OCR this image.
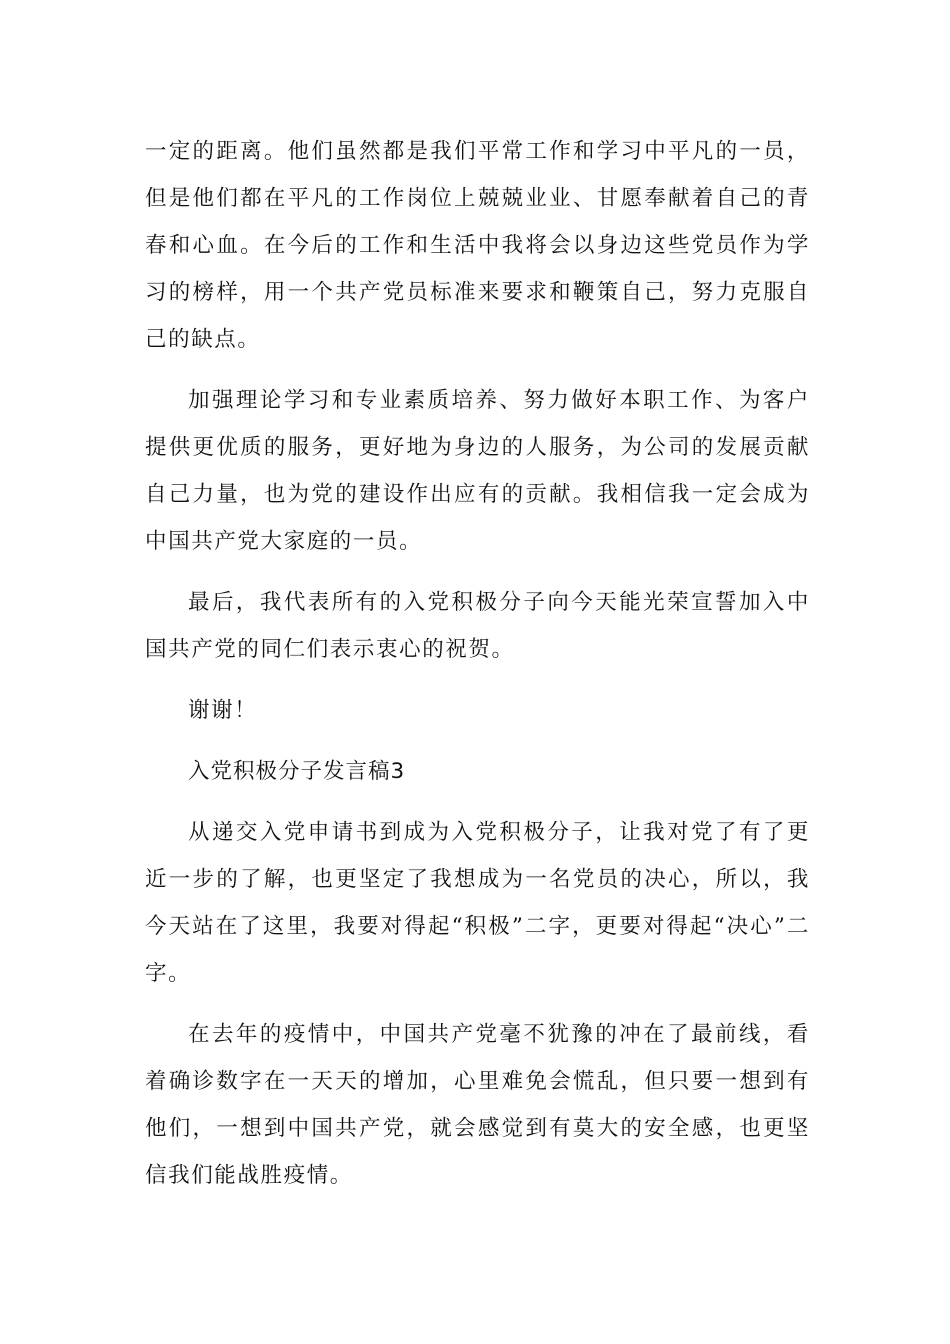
一定的距离。他们虽然都是我们平常工作和学习中平凡的一员，但是他们都在平凡的工作岗位上兢兢业业、甘愿奉献着自己的青春和心血。在今后的工作和生活中我将会以身边这些党员作为学习的榜样，用一个共产党员标准来要求和鞭策自己，努力克服自己的缺点。

加强理论学习和专业素质培养、努力做好本职工作、为客户提供更优质的服务，更好地为身边的人服务，为公司的发展贡献自己力量，也为党的建设作出应有的贡献。我相信我一定会成为中国共产党大家庭的一员。

最后，我代表所有的入党积极分子向今天能光荣宣誓加入中国共产党的同仁们表示衷心的祝贺。

谢谢！

入党积极分子发言稿3

从递交入党申请书到成为入党积极分子，让我对党了有了更近一步的了解，也更坚定了我想成为一名党员的决心，所以，我今天站在了这里，我要对得起“积极”二字，更要对得起“决心”二字。

在去年的疫情中，中国共产党毫不犹豫的冲在了最前线，看着确诊数字在一天天的增加，心里难免会慌乱，但只要一想到有他们，一想到中国共产党，就会感觉到有莫大的安全感，也更坚信我们能战胜疫情。
